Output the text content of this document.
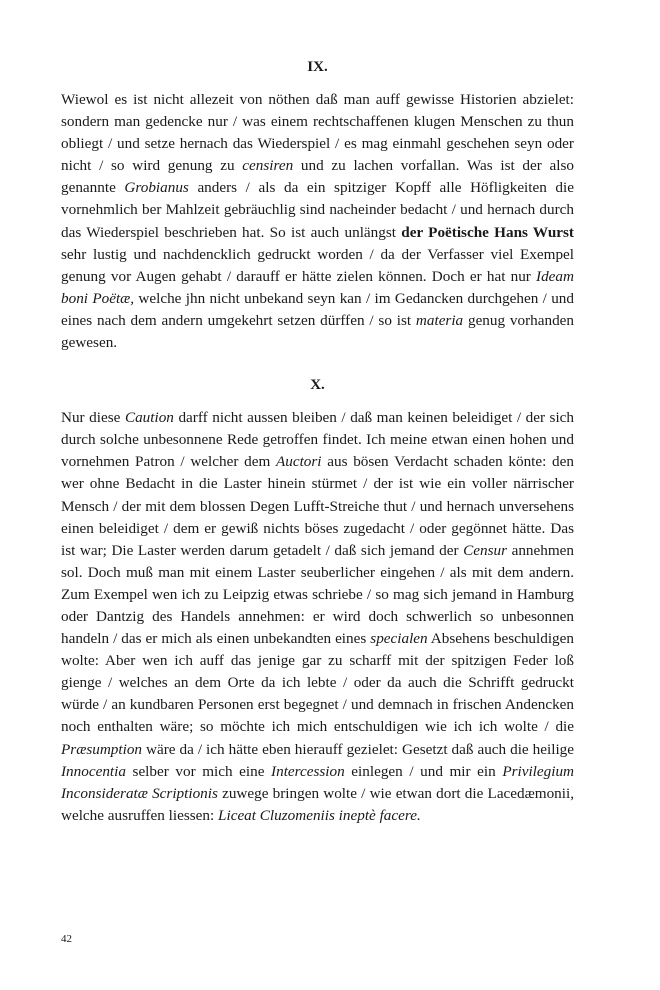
IX.

Wiewol es ist nicht allezeit von nöthen daß man auff gewisse Historien abzielet: sondern man gedencke nur / was einem rechtschaffenen klugen Menschen zu thun obliegt / und setze hernach das Wiederspiel / es mag einmahl geschehen seyn oder nicht / so wird genung zu censiren und zu lachen vorfallan. Was ist der also genannte Grobianus anders / als da ein spitziger Kopff alle Höfligkeiten die vornehmlich ber Mahlzeit gebräuchlig sind nacheinder bedacht / und hernach durch das Wiederspiel beschrieben hat. So ist auch unlängst der Poëtische Hans Wurst sehr lustig und nachdencklich gedruckt worden / da der Verfasser viel Exempel genung vor Augen gehabt / darauff er hätte zielen können. Doch er hat nur Ideam boni Poëtæ, welche jhn nicht unbekand seyn kan / im Gedancken durchgehen / und eines nach dem andern umgekehrt setzen dürffen / so ist materia genug vorhanden gewesen.

X.

Nur diese Caution darff nicht aussen bleiben / daß man keinen beleidiget / der sich durch solche unbesonnene Rede getroffen findet. Ich meine etwan einen hohen und vornehmen Patron / welcher dem Auctori aus bösen Verdacht schaden könte: den wer ohne Bedacht in die Laster hinein stürmet / der ist wie ein voller närrischer Mensch / der mit dem blossen Degen Lufft-Streiche thut / und hernach unversehens einen beleidiget / dem er gewiß nichts böses zugedacht / oder gegönnet hätte. Das ist war; Die Laster werden darum getadelt / daß sich jemand der Censur annehmen sol. Doch muß man mit einem Laster seuberlicher eingehen / als mit dem andern. Zum Exempel wen ich zu Leipzig etwas schriebe / so mag sich jemand in Hamburg oder Dantzig des Handels annehmen: er wird doch schwerlich so unbesonnen handeln / das er mich als einen unbekandten eines specialen Absehens beschuldigen wolte: Aber wen ich auff das jenige gar zu scharff mit der spitzigen Feder loß gienge / welches an dem Orte da ich lebte / oder da auch die Schrifft gedruckt würde / an kundbaren Personen erst begegnet / und demnach in frischen Andencken noch enthalten wäre; so möchte ich mich entschuldigen wie ich ich wolte / die Præsumption wäre da / ich hätte eben hierauff gezielet: Gesetzt daß auch die heilige Innocentia selber vor mich eine Intercession einlegen / und mir ein Privilegium Inconsideratæ Scriptionis zuwege bringen wolte / wie etwan dort die Lacedæmonii, welche ausruffen liessen: Liceat Cluzomeniis ineptè facere.

42
